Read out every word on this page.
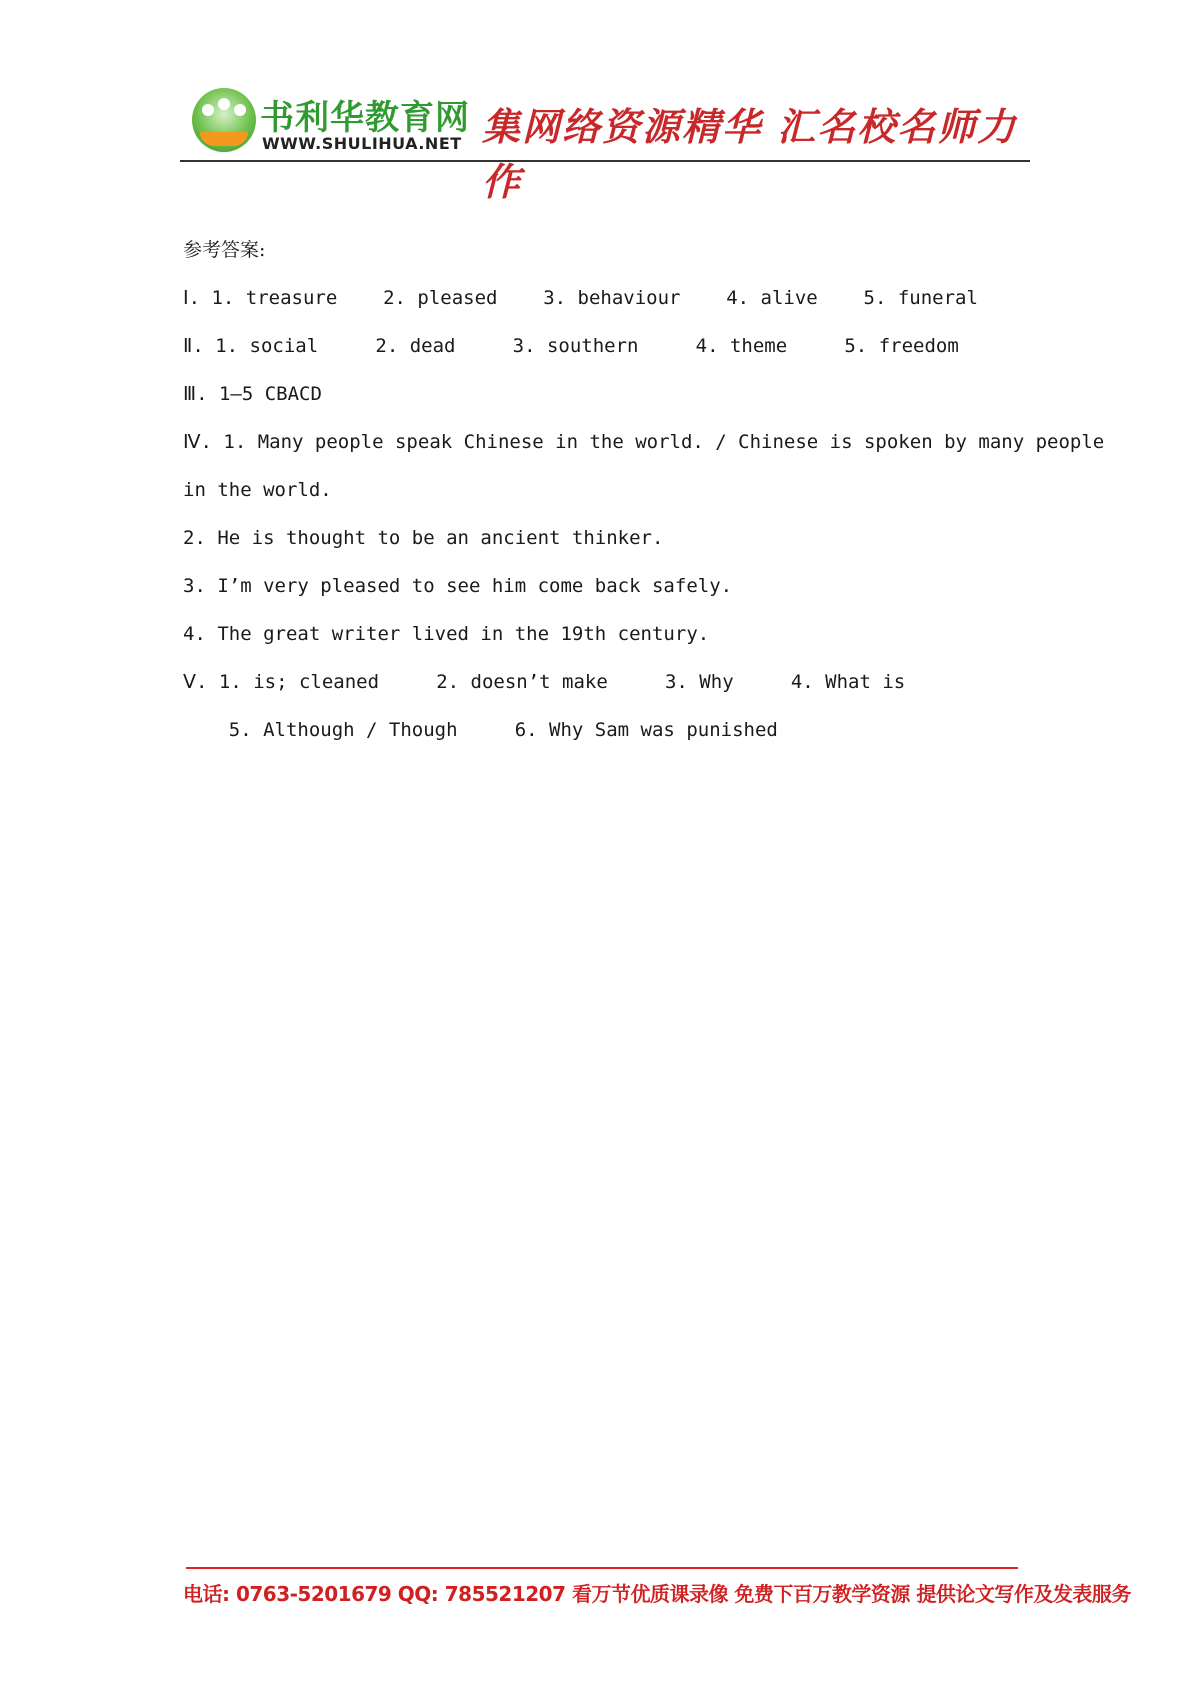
书利华教育网
WWW.SHULIHUA.NET 集网络资源精华 汇名校名师力作
参考答案:
Ⅰ. 1. treasure    2. pleased    3. behaviour    4. alive    5. funeral
Ⅱ. 1. social     2. dead     3. southern     4. theme     5. freedom
Ⅲ. 1—5 CBACD
Ⅳ. 1. Many people speak Chinese in the world. / Chinese is spoken by many people
in the world.
2. He is thought to be an ancient thinker.
3. I’m very pleased to see him come back safely.
4. The great writer lived in the 19th century.
Ⅴ. 1. is; cleaned     2. doesn’t make     3. Why     4. What is
5. Although / Though     6. Why Sam was punished
电话: 0763-5201679 QQ: 785521207 看万节优质课录像 免费下百万教学资源 提供论文写作及发表服务
